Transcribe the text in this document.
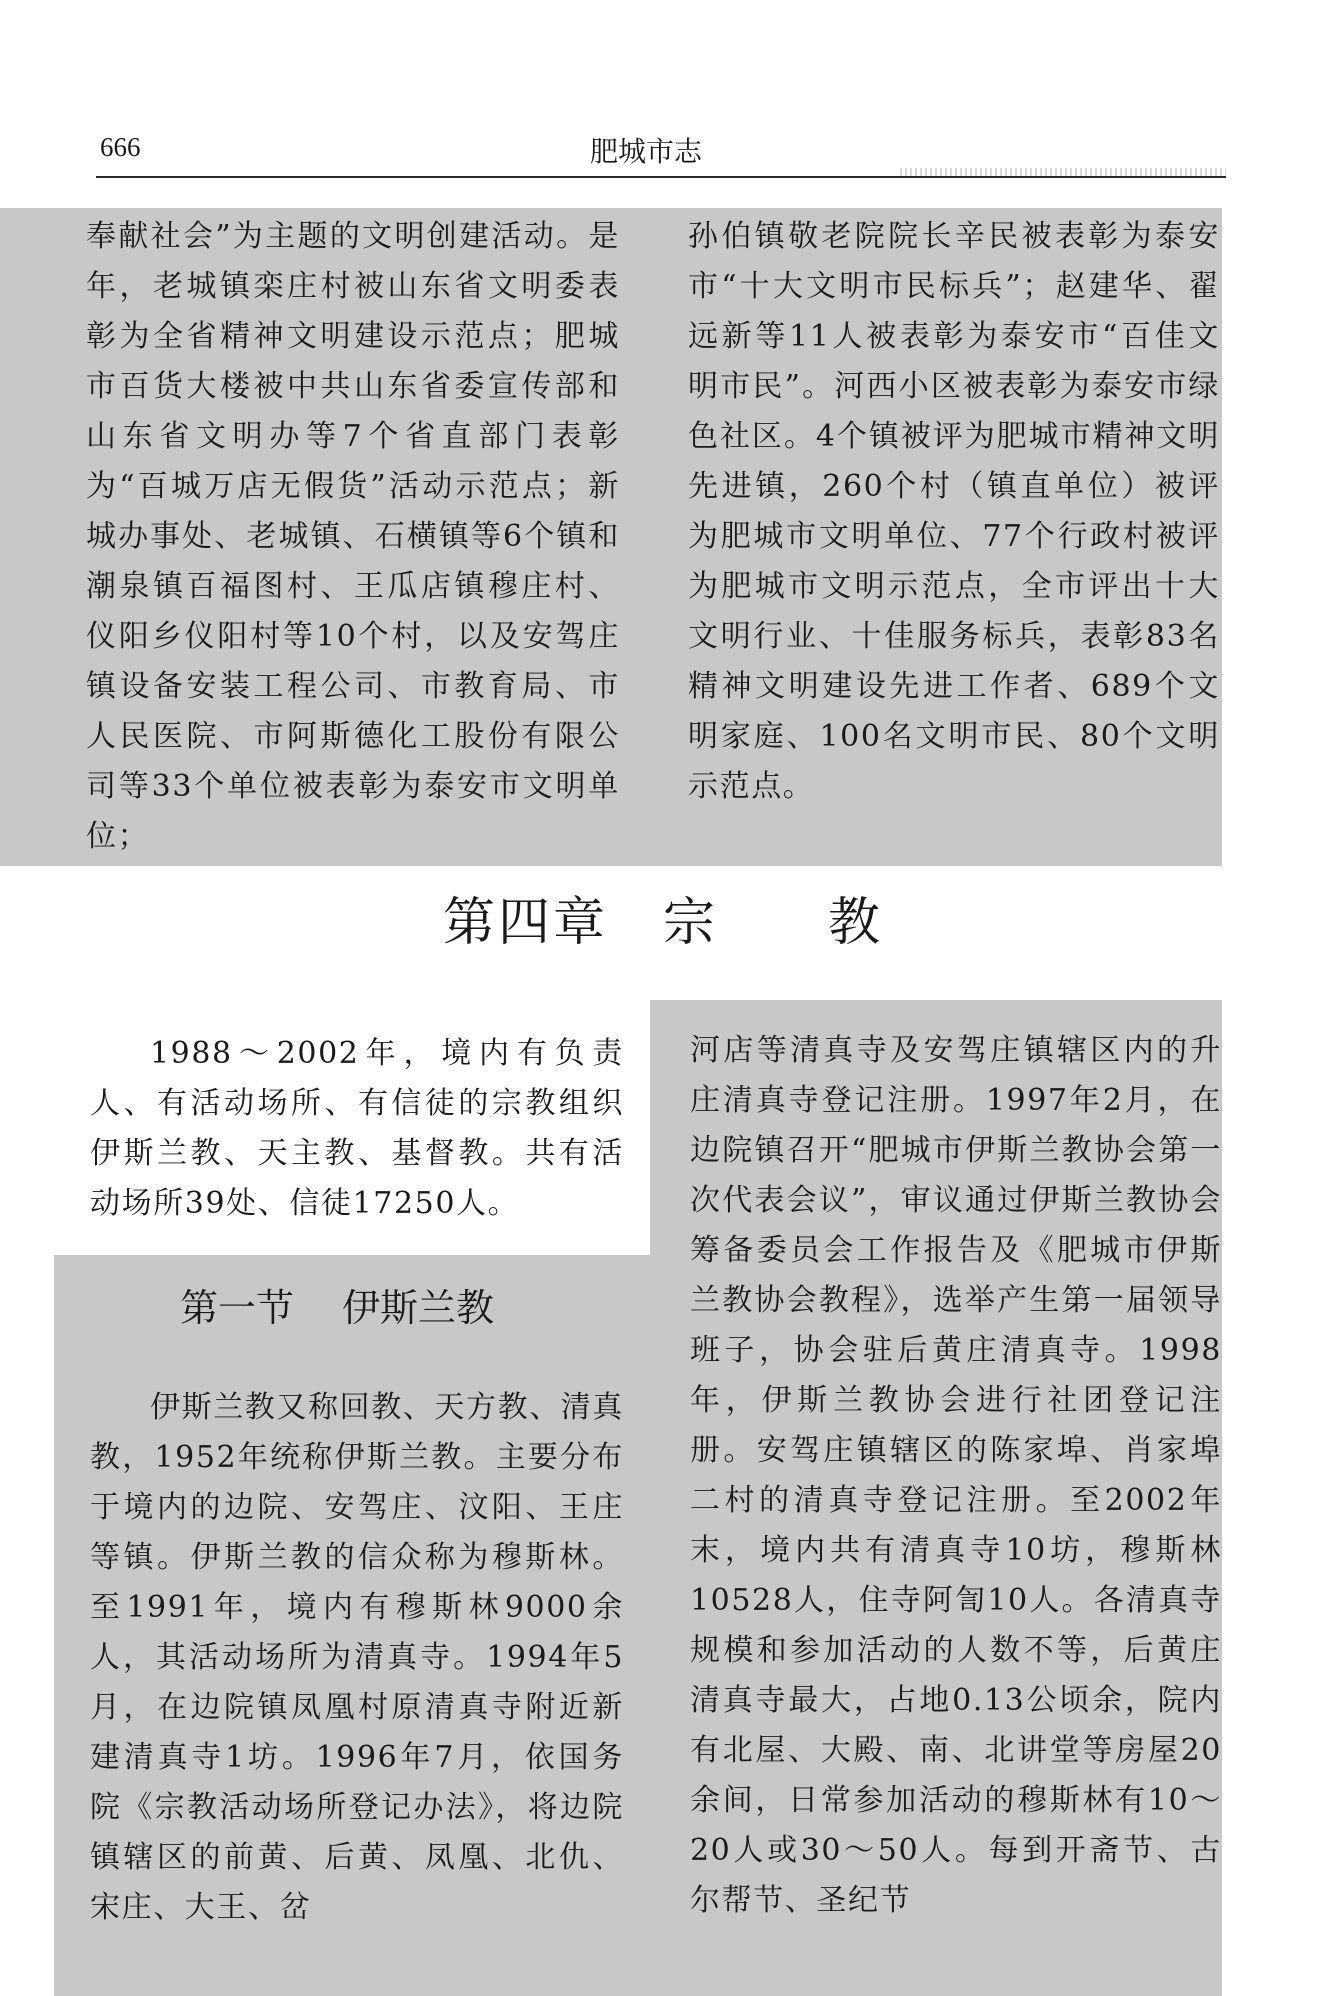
666	肥城市志

奉献社会”为主题的文明创建活动。是年，老城镇栾庄村被山东省文明委表彰为全省精神文明建设示范点；肥城市百货大楼被中共山东省委宣传部和山东省文明办等7个省直部门表彰为“百城万店无假货”活动示范点；新城办事处、老城镇、石横镇等6个镇和潮泉镇百福图村、王瓜店镇穆庄村、仪阳乡仪阳村等10个村，以及安驾庄镇设备安装工程公司、市教育局、市人民医院、市阿斯德化工股份有限公司等33个单位被表彰为泰安市文明单位；

孙伯镇敬老院院长辛民被表彰为泰安市“十大文明市民标兵”；赵建华、翟远新等11人被表彰为泰安市“百佳文明市民”。河西小区被表彰为泰安市绿色社区。4个镇被评为肥城市精神文明先进镇，260个村（镇直单位）被评为肥城市文明单位、77个行政村被评为肥城市文明示范点，全市评出十大文明行业、十佳服务标兵，表彰83名精神文明建设先进工作者、689个文明家庭、100名文明市民、80个文明示范点。

第四章　宗　　教

1988～2002年，境内有负责人、有活动场所、有信徒的宗教组织伊斯兰教、天主教、基督教。共有活动场所39处、信徒17250人。

第一节 伊斯兰教

伊斯兰教又称回教、天方教、清真教，1952年统称伊斯兰教。主要分布于境内的边院、安驾庄、汶阳、王庄等镇。伊斯兰教的信众称为穆斯林。至1991年，境内有穆斯林9000余人，其活动场所为清真寺。1994年5月，在边院镇凤凰村原清真寺附近新建清真寺1坊。1996年7月，依国务院《宗教活动场所登记办法》，将边院镇辖区的前黄、后黄、凤凰、北仇、宋庄、大王、岔

河店等清真寺及安驾庄镇辖区内的升庄清真寺登记注册。1997年2月，在边院镇召开“肥城市伊斯兰教协会第一次代表会议”，审议通过伊斯兰教协会筹备委员会工作报告及《肥城市伊斯兰教协会教程》，选举产生第一届领导班子，协会驻后黄庄清真寺。1998年，伊斯兰教协会进行社团登记注册。安驾庄镇辖区的陈家埠、肖家埠二村的清真寺登记注册。至2002年末，境内共有清真寺10坊，穆斯林10528人，住寺阿訇10人。各清真寺规模和参加活动的人数不等，后黄庄清真寺最大，占地0.13公顷余，院内有北屋、大殿、南、北讲堂等房屋20余间，日常参加活动的穆斯林有10～20人或30～50人。每到开斋节、古尔帮节、圣纪节
